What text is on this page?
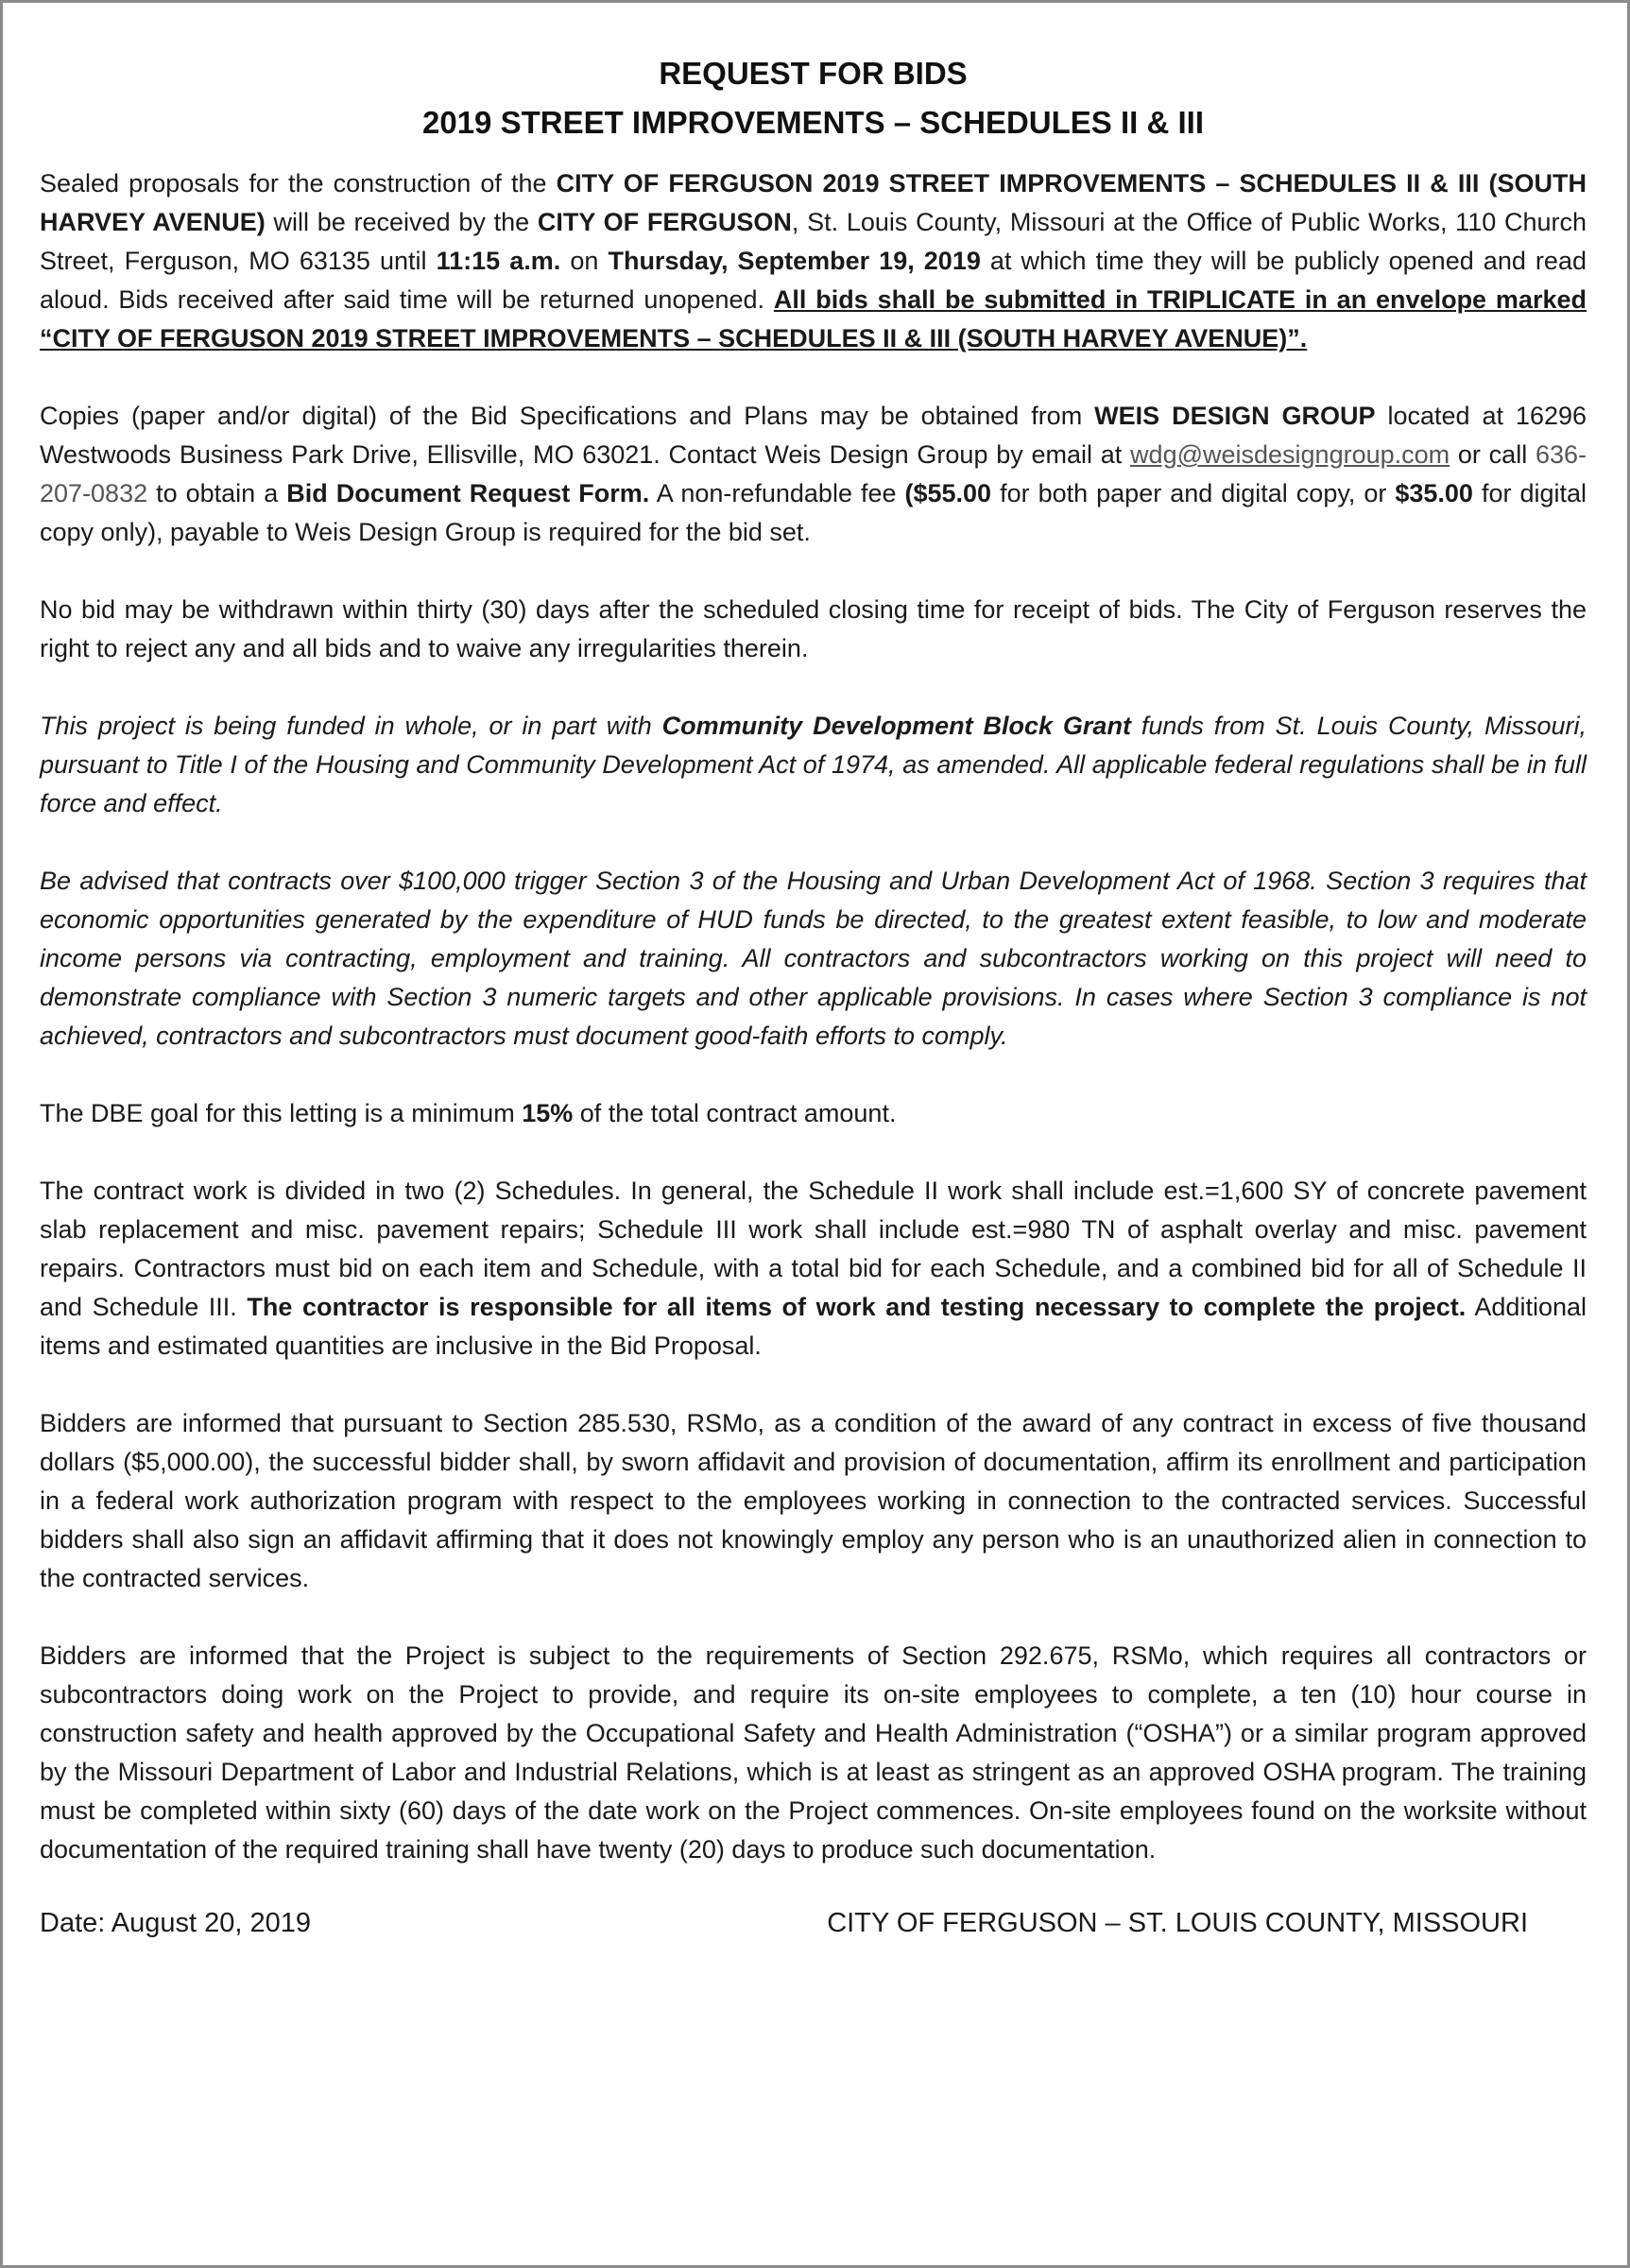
REQUEST FOR BIDS
2019 STREET IMPROVEMENTS – SCHEDULES II & III

Sealed proposals for the construction of the CITY OF FERGUSON 2019 STREET IMPROVEMENTS – SCHEDULES II & III (SOUTH HARVEY AVENUE) will be received by the CITY OF FERGUSON, St. Louis County, Missouri at the Office of Public Works, 110 Church Street, Ferguson, MO 63135 until 11:15 a.m. on Thursday, September 19, 2019 at which time they will be publicly opened and read aloud. Bids received after said time will be returned unopened. All bids shall be submitted in TRIPLICATE in an envelope marked “CITY OF FERGUSON 2019 STREET IMPROVEMENTS – SCHEDULES II & III (SOUTH HARVEY AVENUE)”.

Copies (paper and/or digital) of the Bid Specifications and Plans may be obtained from WEIS DESIGN GROUP located at 16296 Westwoods Business Park Drive, Ellisville, MO 63021. Contact Weis Design Group by email at wdg@weisdesigngroup.com or call 636-207-0832 to obtain a Bid Document Request Form. A non-refundable fee ($55.00 for both paper and digital copy, or $35.00 for digital copy only), payable to Weis Design Group is required for the bid set.

No bid may be withdrawn within thirty (30) days after the scheduled closing time for receipt of bids. The City of Ferguson reserves the right to reject any and all bids and to waive any irregularities therein.

This project is being funded in whole, or in part with Community Development Block Grant funds from St. Louis County, Missouri, pursuant to Title I of the Housing and Community Development Act of 1974, as amended. All applicable federal regulations shall be in full force and effect.

Be advised that contracts over $100,000 trigger Section 3 of the Housing and Urban Development Act of 1968. Section 3 requires that economic opportunities generated by the expenditure of HUD funds be directed, to the greatest extent feasible, to low and moderate income persons via contracting, employment and training. All contractors and subcontractors working on this project will need to demonstrate compliance with Section 3 numeric targets and other applicable provisions. In cases where Section 3 compliance is not achieved, contractors and subcontractors must document good-faith efforts to comply.

The DBE goal for this letting is a minimum 15% of the total contract amount.

The contract work is divided in two (2) Schedules. In general, the Schedule II work shall include est.=1,600 SY of concrete pavement slab replacement and misc. pavement repairs; Schedule III work shall include est.=980 TN of asphalt overlay and misc. pavement repairs. Contractors must bid on each item and Schedule, with a total bid for each Schedule, and a combined bid for all of Schedule II and Schedule III. The contractor is responsible for all items of work and testing necessary to complete the project. Additional items and estimated quantities are inclusive in the Bid Proposal.

Bidders are informed that pursuant to Section 285.530, RSMo, as a condition of the award of any contract in excess of five thousand dollars ($5,000.00), the successful bidder shall, by sworn affidavit and provision of documentation, affirm its enrollment and participation in a federal work authorization program with respect to the employees working in connection to the contracted services. Successful bidders shall also sign an affidavit affirming that it does not knowingly employ any person who is an unauthorized alien in connection to the contracted services.

Bidders are informed that the Project is subject to the requirements of Section 292.675, RSMo, which requires all contractors or subcontractors doing work on the Project to provide, and require its on-site employees to complete, a ten (10) hour course in construction safety and health approved by the Occupational Safety and Health Administration (“OSHA”) or a similar program approved by the Missouri Department of Labor and Industrial Relations, which is at least as stringent as an approved OSHA program. The training must be completed within sixty (60) days of the date work on the Project commences. On-site employees found on the worksite without documentation of the required training shall have twenty (20) days to produce such documentation.

Date: August 20, 2019	CITY OF FERGUSON – ST. LOUIS COUNTY, MISSOURI
